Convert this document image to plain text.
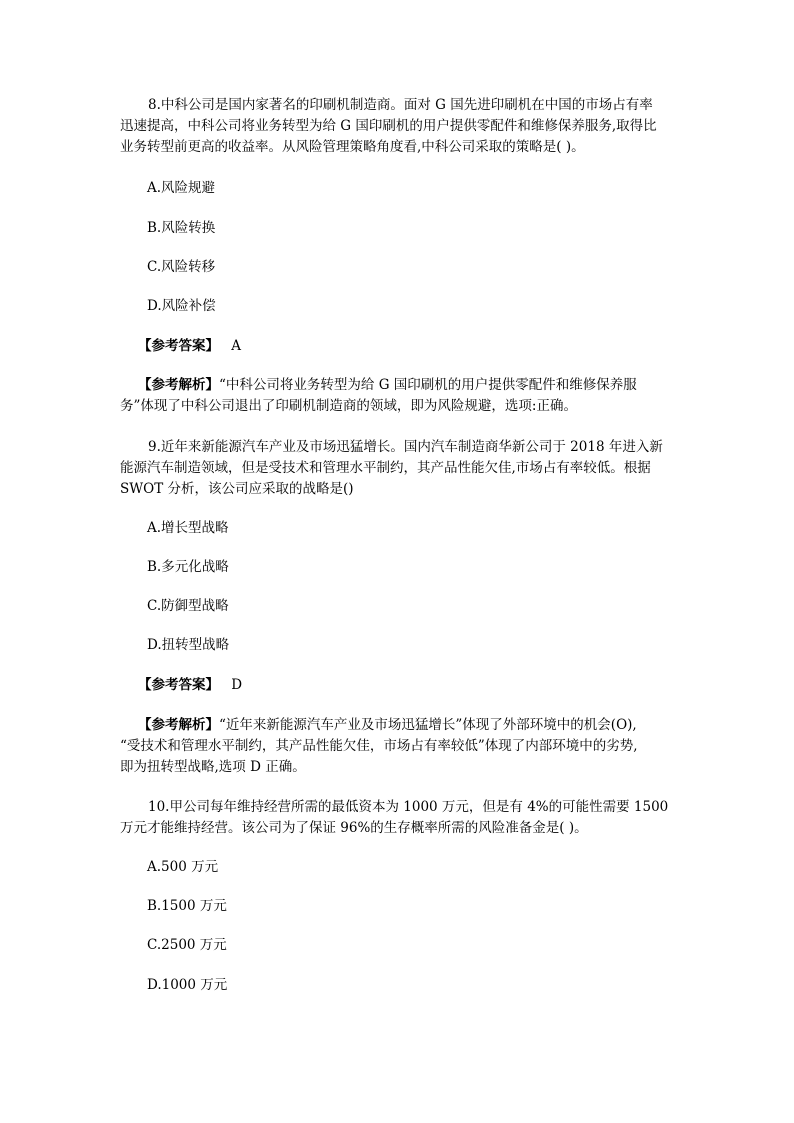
8.中科公司是国内家著名的印刷机制造商。面对 G 国先进印刷机在中国的市场占有率
迅速提高，中科公司将业务转型为给 G 国印刷机的用户提供零配件和维修保养服务,取得比
业务转型前更高的收益率。从风险管理策略角度看,中科公司采取的策略是( )。
A.风险规避
B.风险转换
C.风险转移
D.风险补偿
【参考答案】 A
【参考解析】“中科公司将业务转型为给 G 国印刷机的用户提供零配件和维修保养服
务”体现了中科公司退出了印刷机制造商的领域，即为风险规避，选项:正确。
9.近年来新能源汽车产业及市场迅猛增长。国内汽车制造商华新公司于 2018 年进入新
能源汽车制造领域，但是受技术和管理水平制约，其产品性能欠佳,市场占有率较低。根据
SWOT 分析，该公司应采取的战略是()
A.增长型战略
B.多元化战略
C.防御型战略
D.扭转型战略
【参考答案】 D
【参考解析】“近年来新能源汽车产业及市场迅猛增长”体现了外部环境中的机会(O),
“受技术和管理水平制约，其产品性能欠佳，市场占有率较低”体现了内部环境中的劣势,
即为扭转型战略,选项 D 正确。
10.甲公司每年维持经营所需的最低资本为 1000 万元，但是有 4%的可能性需要 1500
万元才能维持经营。该公司为了保证 96%的生存概率所需的风险准备金是( )。
A.500 万元
B.1500 万元
C.2500 万元
D.1000 万元
